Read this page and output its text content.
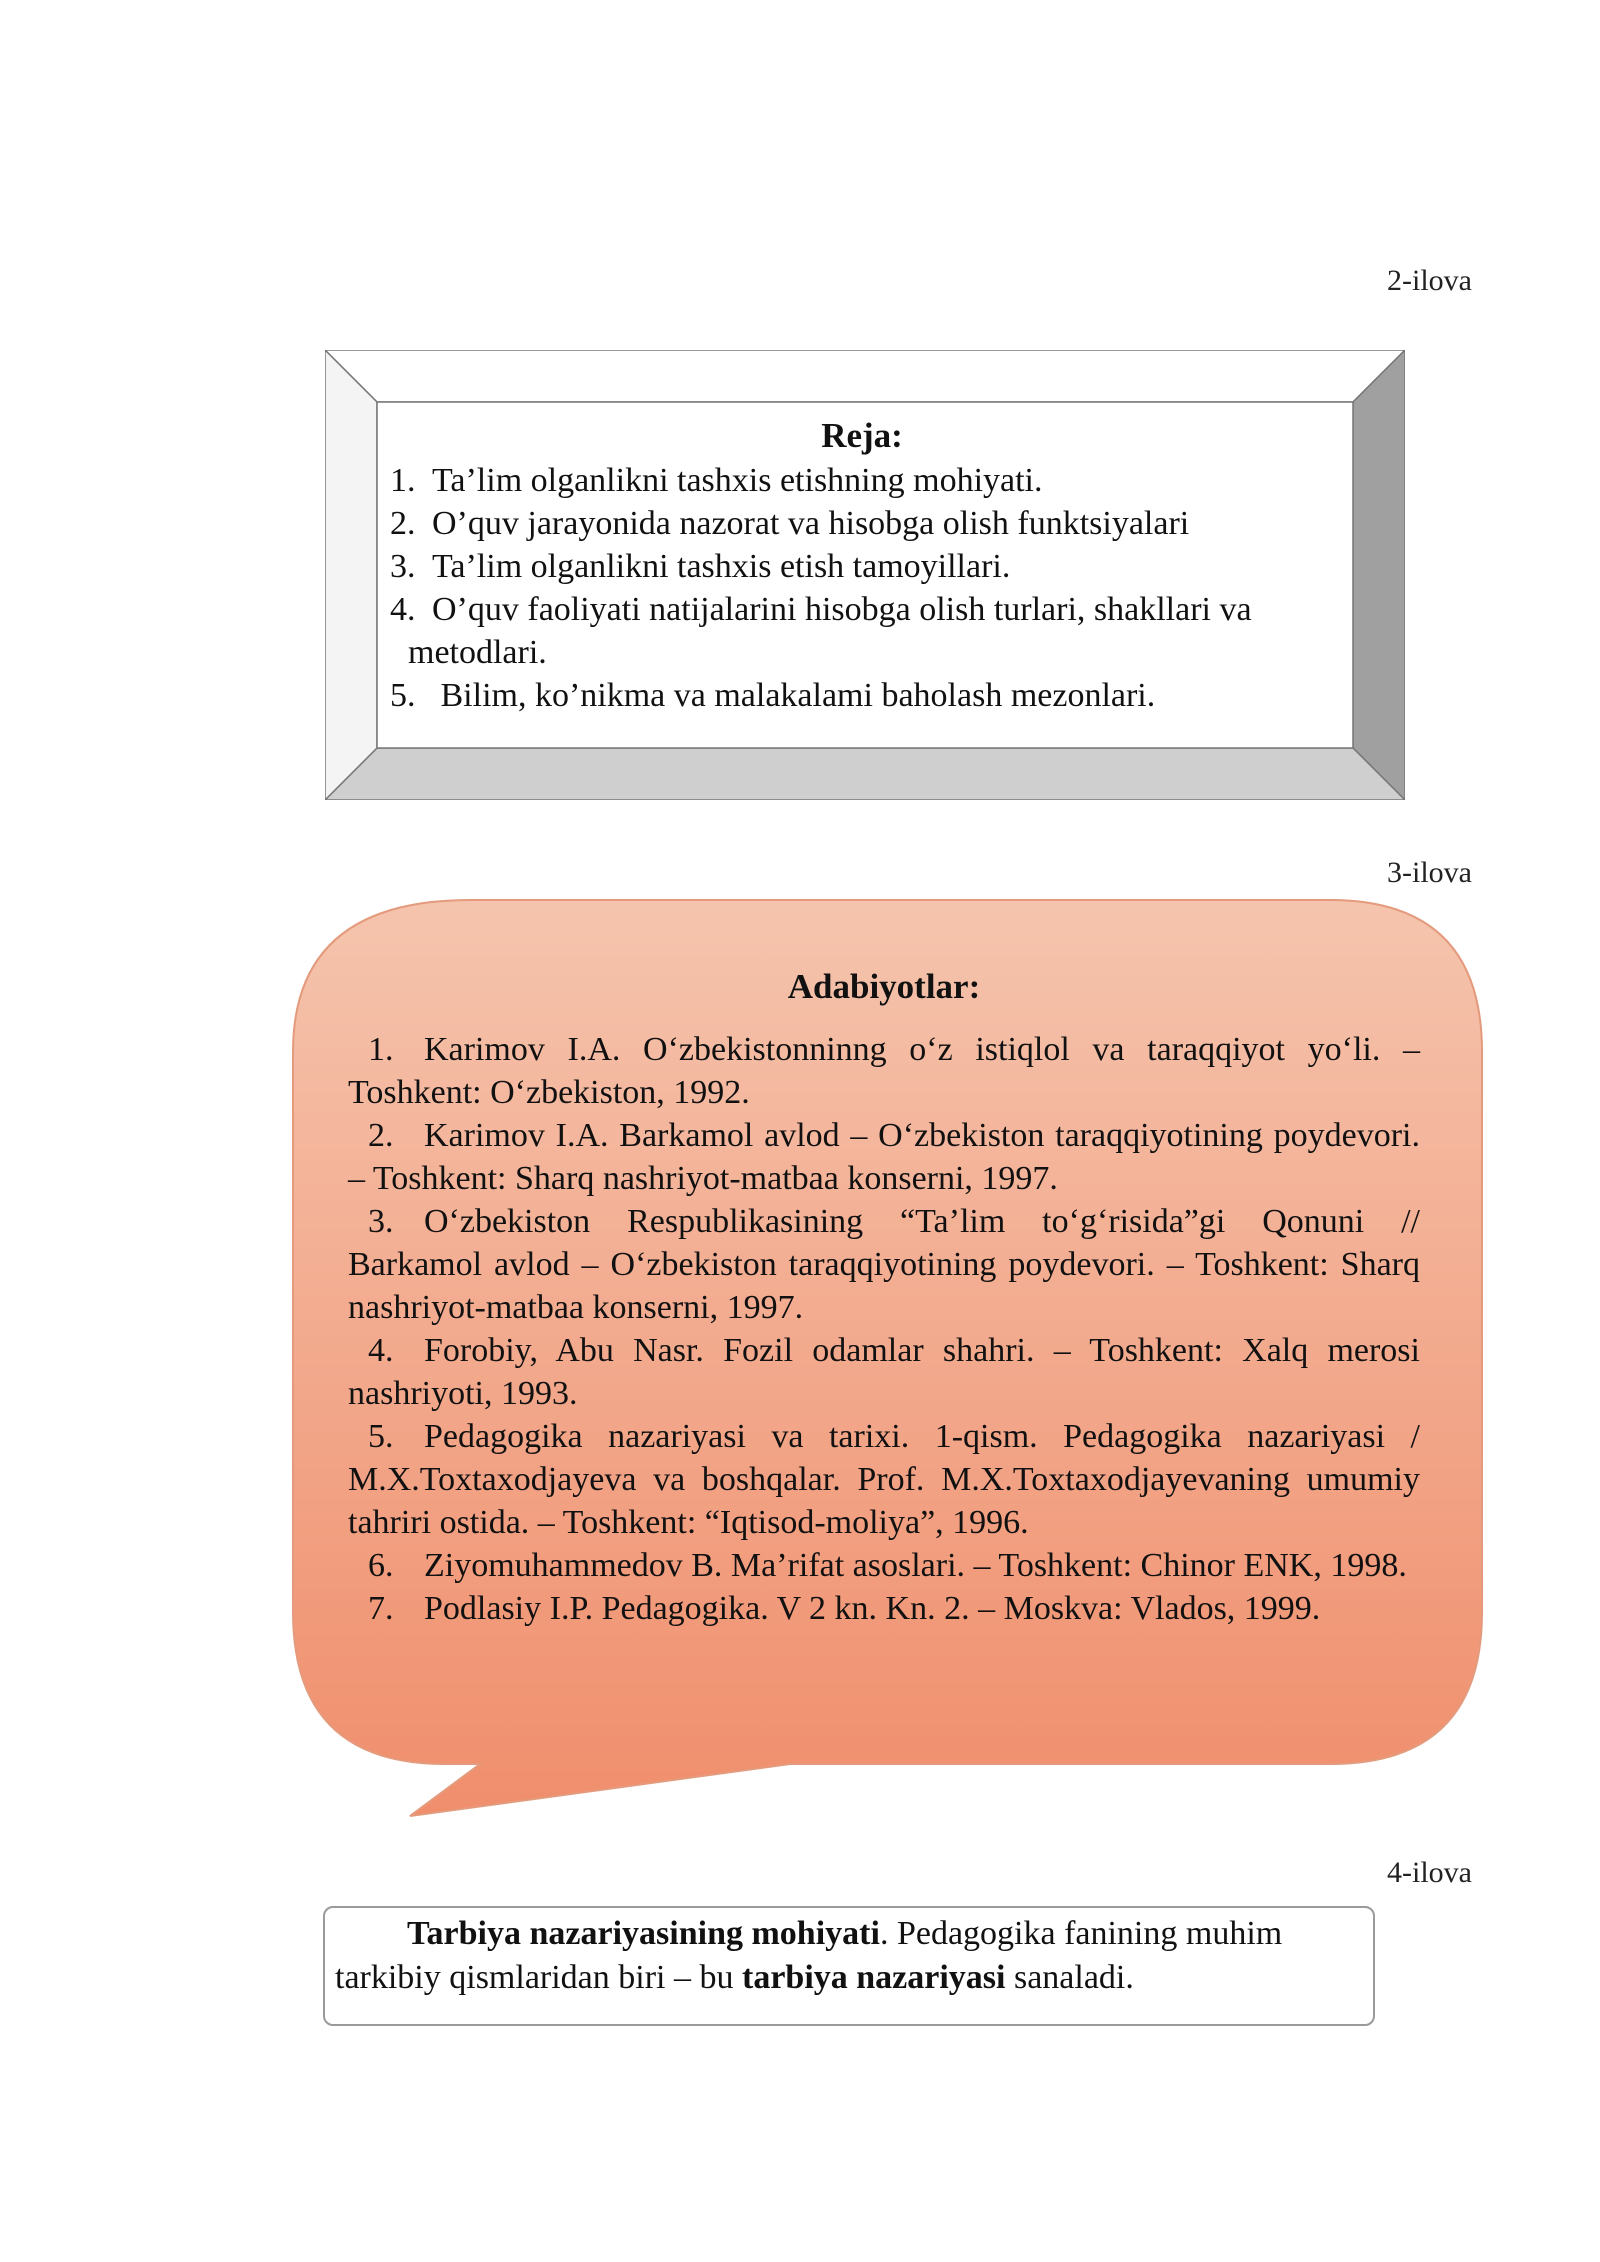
2-ilova
Reja:
1. Ta’lim olganlikni tashxis etishning mohiyati.
2. O’quv jarayonida nazorat va hisobga olish funktsiyalari
3. Ta’lim olganlikni tashxis etish tamoyillari.
4. O’quv faoliyati natijalarini hisobga olish turlari, shakllari va
metodlari.
5. Bilim, ko’nikma va malakalami baholash mezonlari.
3-ilova
Adabiyotlar:
1. Karimov I.A. O‘zbekistonninng o‘z istiqlol va taraqqiyot yo‘li. – Toshkent: O‘zbekiston, 1992.
2. Karimov I.A. Barkamol avlod – O‘zbekiston taraqqiyotining poydevori. – Toshkent: Sharq nashriyot-matbaa konserni, 1997.
3. O‘zbekiston Respublikasining “Ta’lim to‘g‘risida”gi Qonuni // Barkamol avlod – O‘zbekiston taraqqiyotining poydevori. – Toshkent: Sharq nashriyot-matbaa konserni, 1997.
4. Forobiy, Abu Nasr. Fozil odamlar shahri. – Toshkent: Xalq merosi nashriyoti, 1993.
5. Pedagogika nazariyasi va tarixi. 1-qism. Pedagogika nazariyasi / M.X.Toxtaxodjayeva va boshqalar. Prof. M.X.Toxtaxodjayevaning umumiy tahriri ostida. – Toshkent: “Iqtisod-moliya”, 1996.
6. Ziyomuhammedov B. Ma’rifat asoslari. – Toshkent: Chinor ENK, 1998.
7. Podlasiy I.P. Pedagogika. V 2 kn. Kn. 2. – Moskva: Vlados, 1999.
4-ilova
Tarbiya nazariyasining mohiyati. Pedagogika fanining muhim tarkibiy qismlaridan biri – bu tarbiya nazariyasi sanaladi.
